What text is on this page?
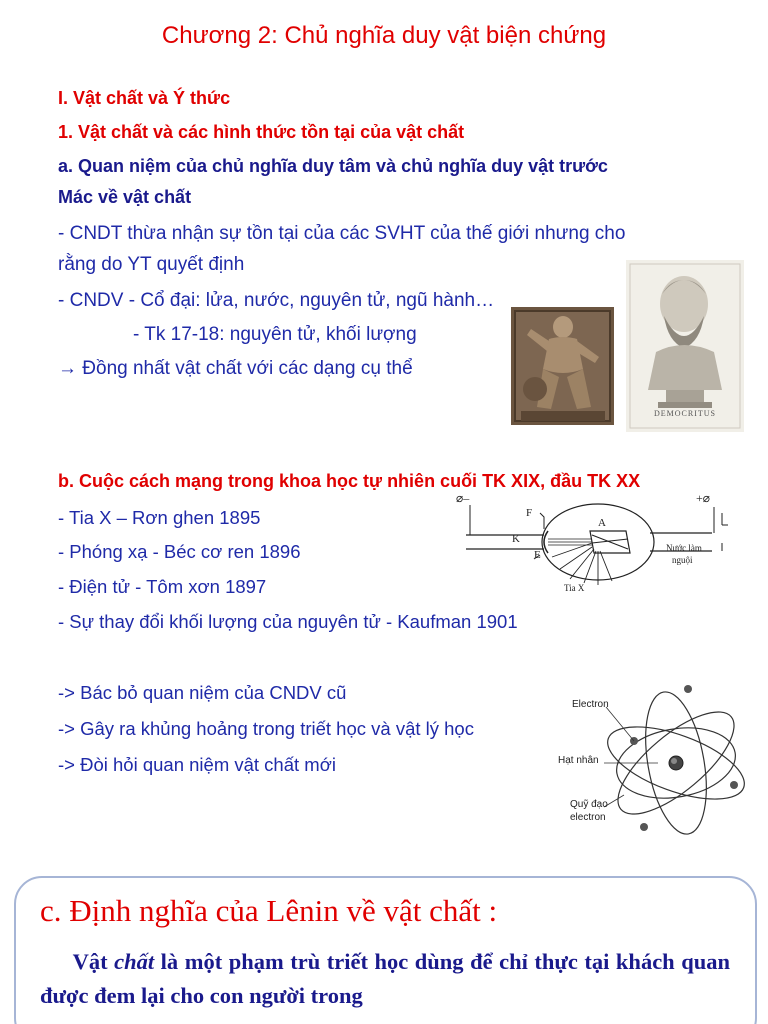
Chương 2: Chủ nghĩa duy vật biện chứng
I. Vật chất và Ý thức
1. Vật chất và các hình thức tồn tại của vật chất
a. Quan niệm của chủ nghĩa duy tâm và chủ nghĩa duy vật trước
Mác về vật chất
- CNDT thừa nhận sự tồn tại của các SVHT của thế giới nhưng cho
rằng do YT quyết định
- CNDV - Cổ đại: lửa, nước, nguyên tử, ngũ hành…
- Tk 17-18: nguyên tử, khối lượng
→ Đồng nhất vật chất với các dạng cụ thể
DEMOCRITUS
b. Cuộc cách mạng trong khoa học tự nhiên cuối TK XIX, đầu TK XX
- Tia X – Rơn ghen 1895
- Phóng xạ - Béc cơ ren 1896
- Điện tử - Tôm xơn 1897
- Sự thay đổi khối lượng của nguyên tử - Kaufman 1901
-> Bác bỏ quan niệm của CNDV cũ
-> Gây ra khủng hoảng trong triết học và vật lý học
-> Đòi hỏi quan niệm vật chất mới
⌀–	+⌀
F
K
A
E
Nước làm
nguội
Tia X
Electron
Hạt nhân
Quỹ đạo
electron
c. Định nghĩa của Lênin về vật chất :
Vật chất là một phạm trù triết học dùng để chỉ thực tại khách quan được đem lại cho con người trong
